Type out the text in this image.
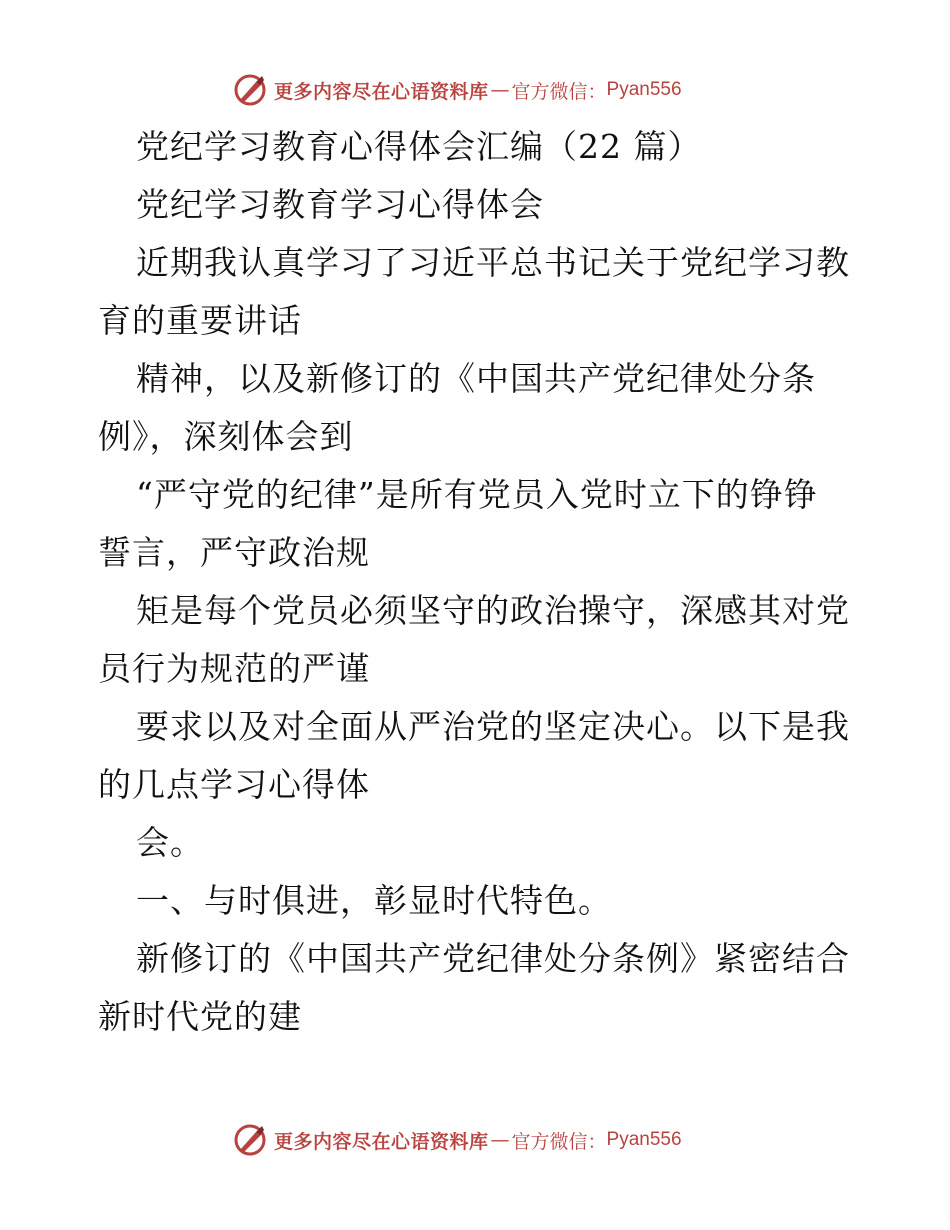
更多内容尽在心语资料库 — 官方微信： Pyan556
党纪学习教育心得体会汇编（22 篇）
党纪学习教育学习心得体会
近期我认真学习了习近平总书记关于党纪学习教
育的重要讲话
精神，以及新修订的《中国共产党纪律处分条
例》，深刻体会到
“严守党的纪律”是所有党员入党时立下的铮铮
誓言，严守政治规
矩是每个党员必须坚守的政治操守，深感其对党
员行为规范的严谨
要求以及对全面从严治党的坚定决心。以下是我
的几点学习心得体
会。
一、与时俱进，彰显时代特色。
新修订的《中国共产党纪律处分条例》紧密结合
新时代党的建
更多内容尽在心语资料库 — 官方微信： Pyan556
